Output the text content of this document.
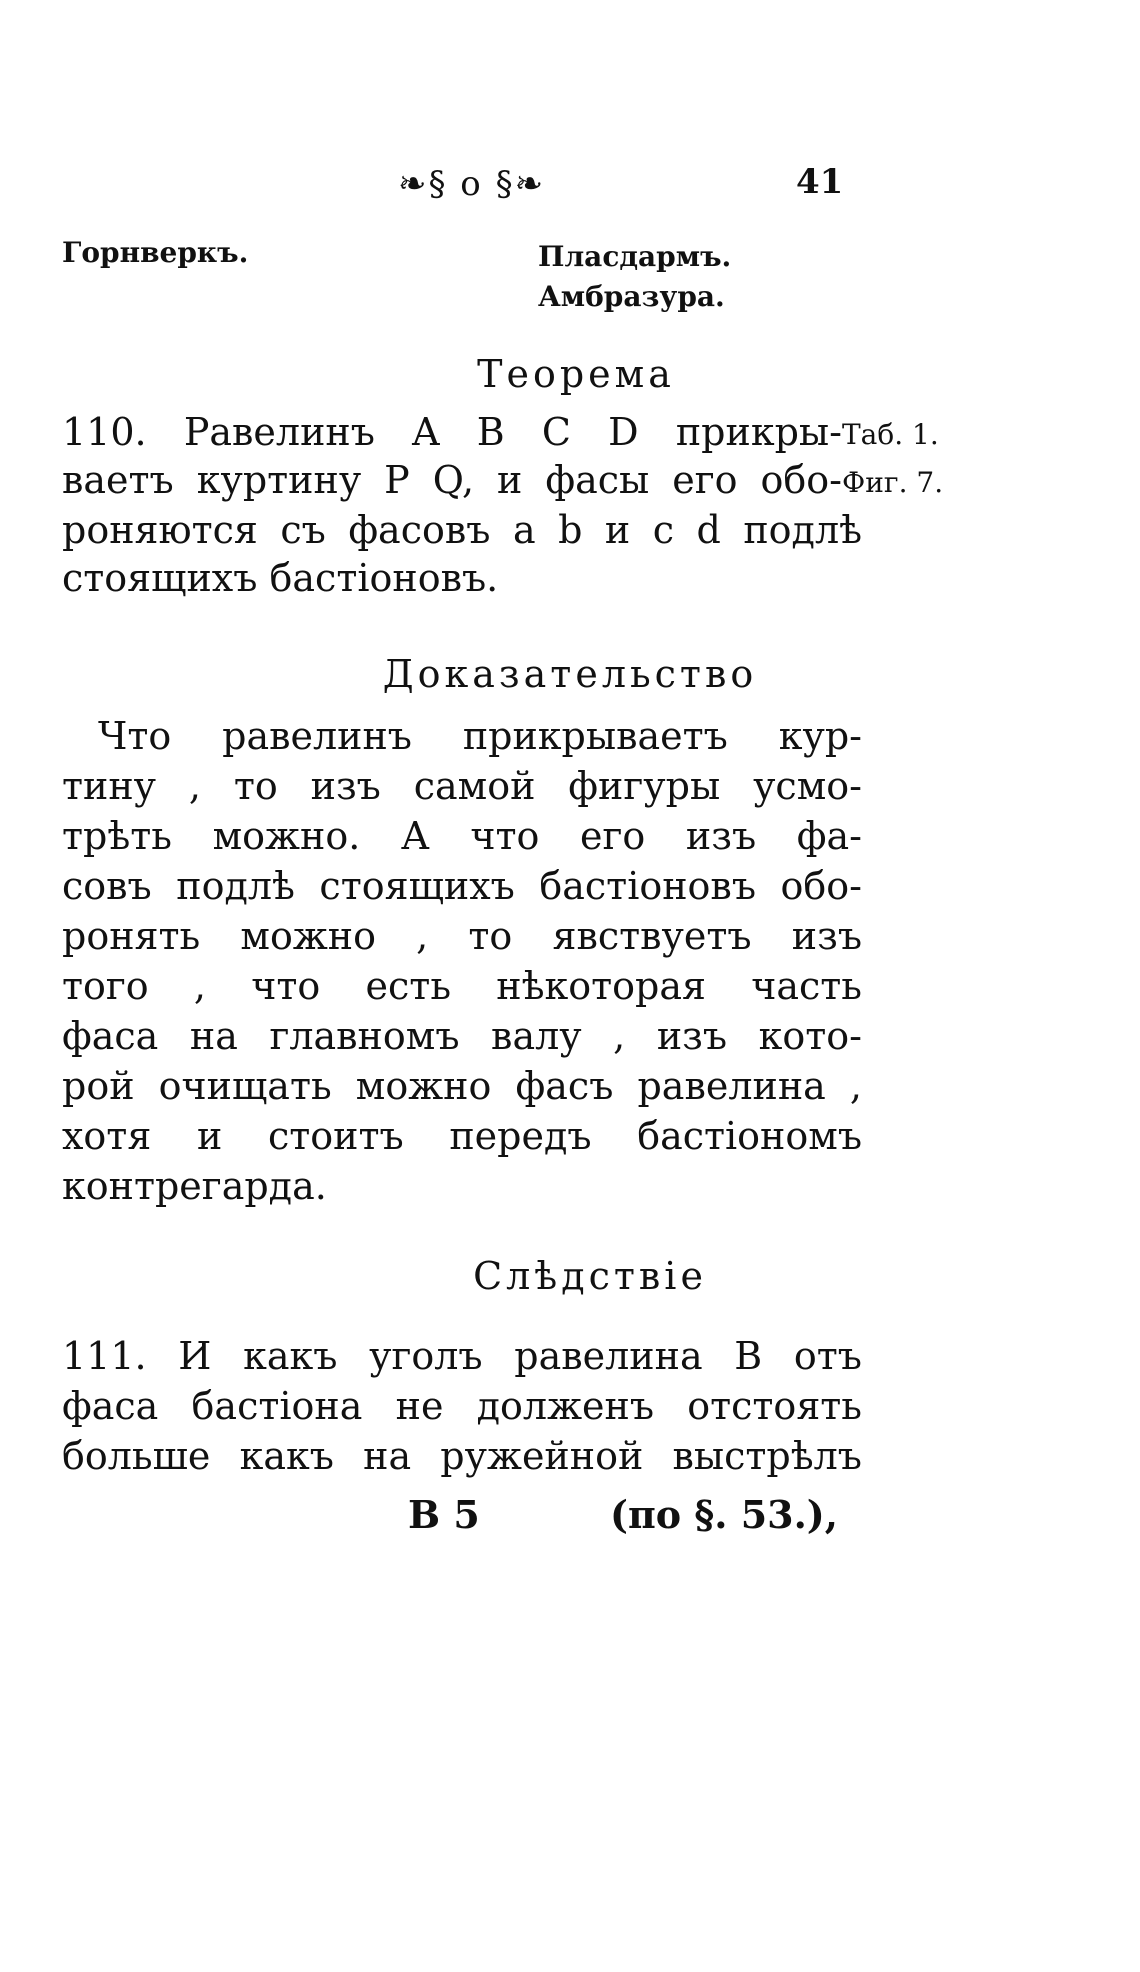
❧§ o §❧	41
Горнверкъ.	Пласдармъ.
Амбразура.
Теорема
110. Равелинъ A B C D прикры-
ваетъ куртину P Q, и фасы его обо-
роняются съ фасовъ a b и c d подлѣ
стоящихъ бастіоновъ.
Таб. 1.
Фиг. 7.
Доказательство
Что равелинъ прикрываетъ кур-
тину , то изъ самой фигуры усмо-
трѣть можно. А что его изъ фа-
совъ подлѣ стоящихъ бастіоновъ обо-
ронять можно , то явствуетъ изъ
того , что есть нѣкоторая часть
фаса на главномъ валу , изъ кото-
рой очищать можно фасъ равелина ,
хотя и стоитъ передъ бастіономъ
контрегарда.
Слѣдствіе
111. И какъ уголъ равелина B отъ
фаса бастіона не долженъ отстоять
больше какъ на ружейной выстрѣлъ
B 5	(по §. 53.),
